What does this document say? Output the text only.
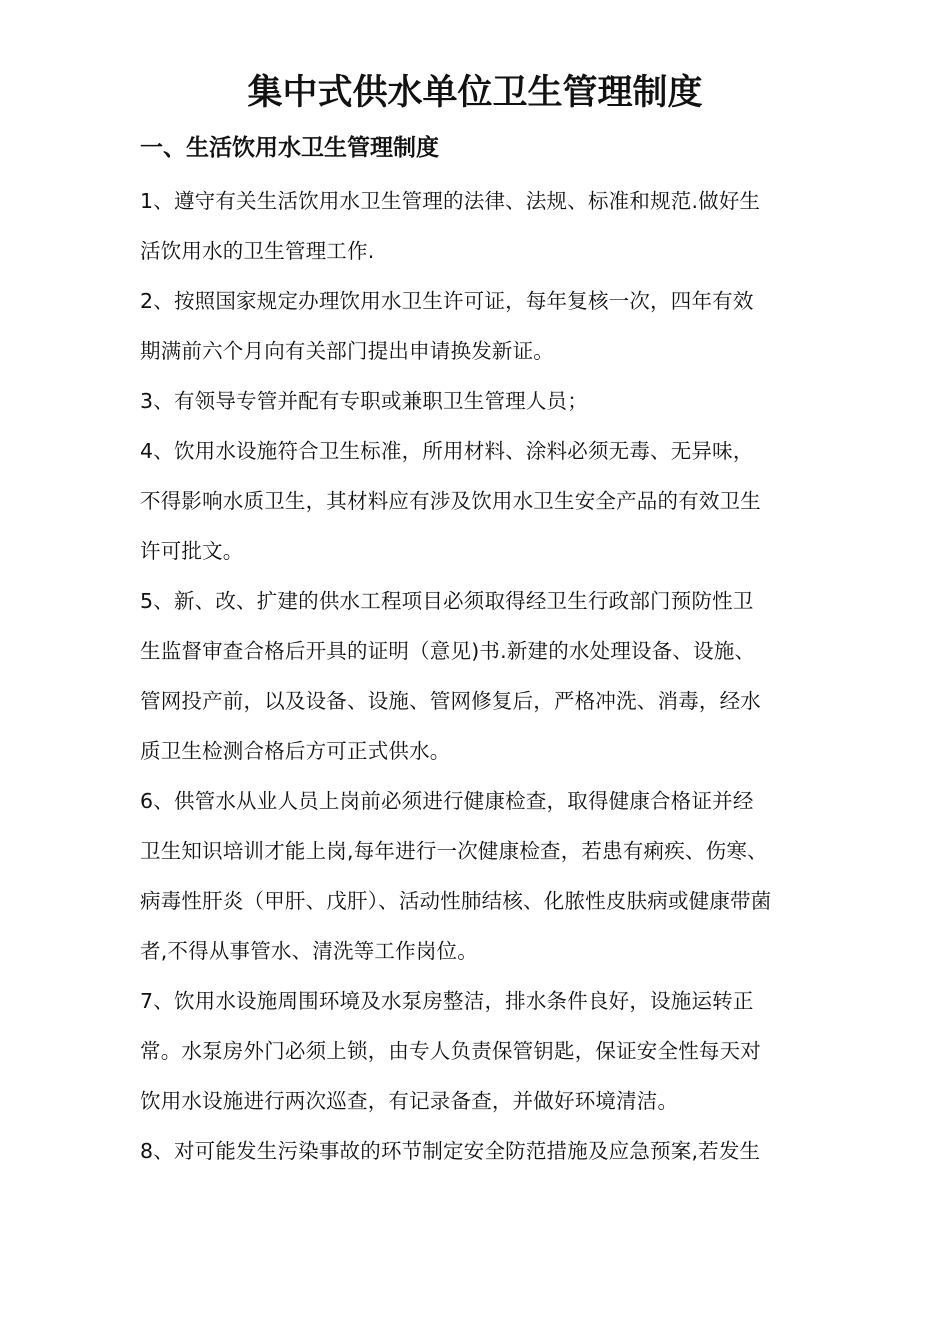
集中式供水单位卫生管理制度
一、生活饮用水卫生管理制度
1、遵守有关生活饮用水卫生管理的法律、法规、标准和规范.做好生
活饮用水的卫生管理工作.
2、按照国家规定办理饮用水卫生许可证，每年复核一次，四年有效
期满前六个月向有关部门提出申请换发新证。
3、有领导专管并配有专职或兼职卫生管理人员；
4、饮用水设施符合卫生标准，所用材料、涂料必须无毒、无异味，
不得影响水质卫生，其材料应有涉及饮用水卫生安全产品的有效卫生
许可批文。
5、新、改、扩建的供水工程项目必须取得经卫生行政部门预防性卫
生监督审查合格后开具的证明（意见)书.新建的水处理设备、设施、
管网投产前，以及设备、设施、管网修复后，严格冲洗、消毒，经水
质卫生检测合格后方可正式供水。
6、供管水从业人员上岗前必须进行健康检查，取得健康合格证并经
卫生知识培训才能上岗,每年进行一次健康检查，若患有痢疾、伤寒、
病毒性肝炎（甲肝、戊肝）、活动性肺结核、化脓性皮肤病或健康带菌
者,不得从事管水、清洗等工作岗位。
7、饮用水设施周围环境及水泵房整洁，排水条件良好，设施运转正
常。水泵房外门必须上锁，由专人负责保管钥匙，保证安全性每天对
饮用水设施进行两次巡查，有记录备查，并做好环境清洁。
8、对可能发生污染事故的环节制定安全防范措施及应急预案,若发生
